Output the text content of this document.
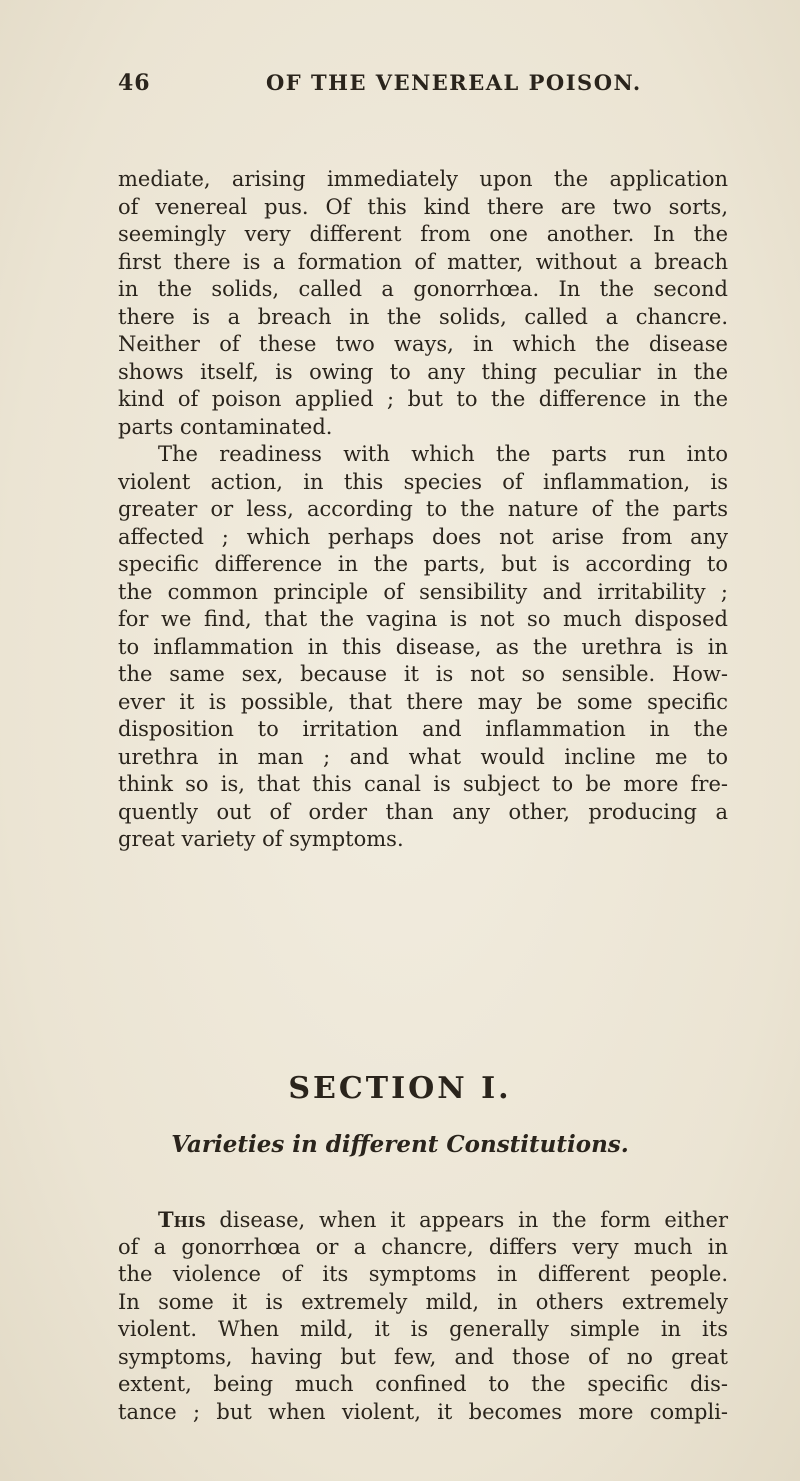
46	OF THE VENEREAL POISON.
mediate, arising immediately upon the application
of venereal pus. Of this kind there are two sorts,
seemingly very different from one another. In the
first there is a formation of matter, without a breach
in the solids, called a gonorrhœa. In the second
there is a breach in the solids, called a chancre.
Neither of these two ways, in which the disease
shows itself, is owing to any thing peculiar in the
kind of poison applied ; but to the difference in the
parts contaminated.
The readiness with which the parts run into
violent action, in this species of inflammation, is
greater or less, according to the nature of the parts
affected ; which perhaps does not arise from any
specific difference in the parts, but is according to
the common principle of sensibility and irritability ;
for we find, that the vagina is not so much disposed
to inflammation in this disease, as the urethra is in
the same sex, because it is not so sensible. How-
ever it is possible, that there may be some specific
disposition to irritation and inflammation in the
urethra in man ; and what would incline me to
think so is, that this canal is subject to be more fre-
quently out of order than any other, producing a
great variety of symptoms.
SECTION I.
Varieties in different Constitutions.
This disease, when it appears in the form either
of a gonorrhœa or a chancre, differs very much in
the violence of its symptoms in different people.
In some it is extremely mild, in others extremely
violent. When mild, it is generally simple in its
symptoms, having but few, and those of no great
extent, being much confined to the specific dis-
tance ; but when violent, it becomes more compli-
